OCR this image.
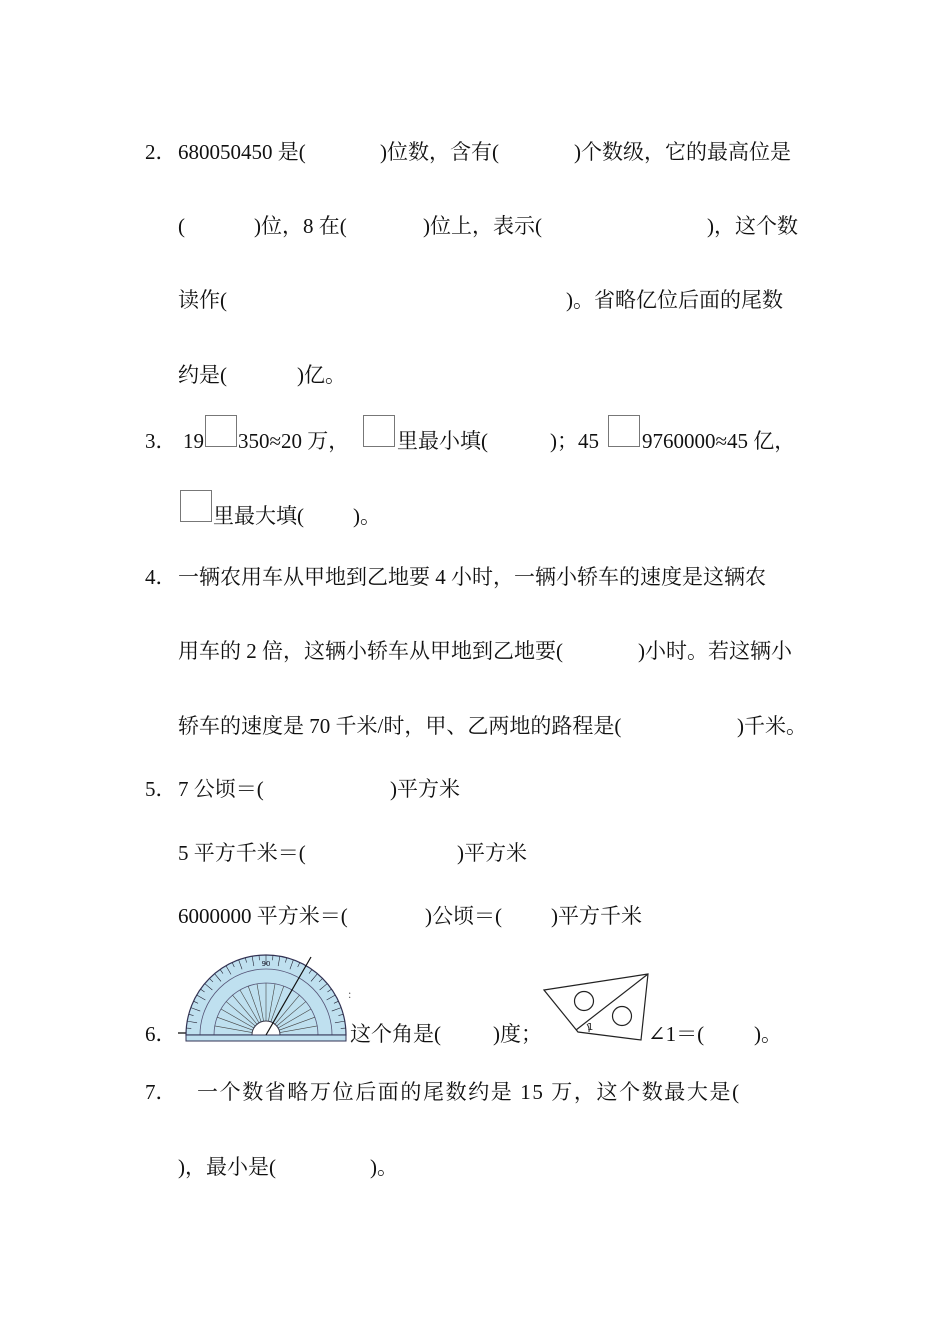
2． 680050450 是(	)位数，含有(	)个数级，它的最高位是
(	)位，8 在(	)位上，表示(	)，这个数
读作(	)。省略亿位后面的尾数
约是(	)亿。
3． 19 350≈20 万， 里最小填(	)；45 9760000≈45 亿，
里最大填( )。
4． 一辆农用车从甲地到乙地要 4 小时，一辆小轿车的速度是这辆农
用车的 2 倍，这辆小轿车从甲地到乙地要(	)小时。若这辆小
轿车的速度是 70 千米/时，甲、乙两地的路程是(	)千米。
5． 7 公顷＝(	)平方米
5 平方千米＝(	)平方米
6000000 平方米＝(	)公顷＝( )平方千米
90
:
6．	这个角是( )度；	∠1＝( )。
1
7． 一个数省略万位后面的尾数约是 15 万，这个数最大是(
)，最小是(	)。
